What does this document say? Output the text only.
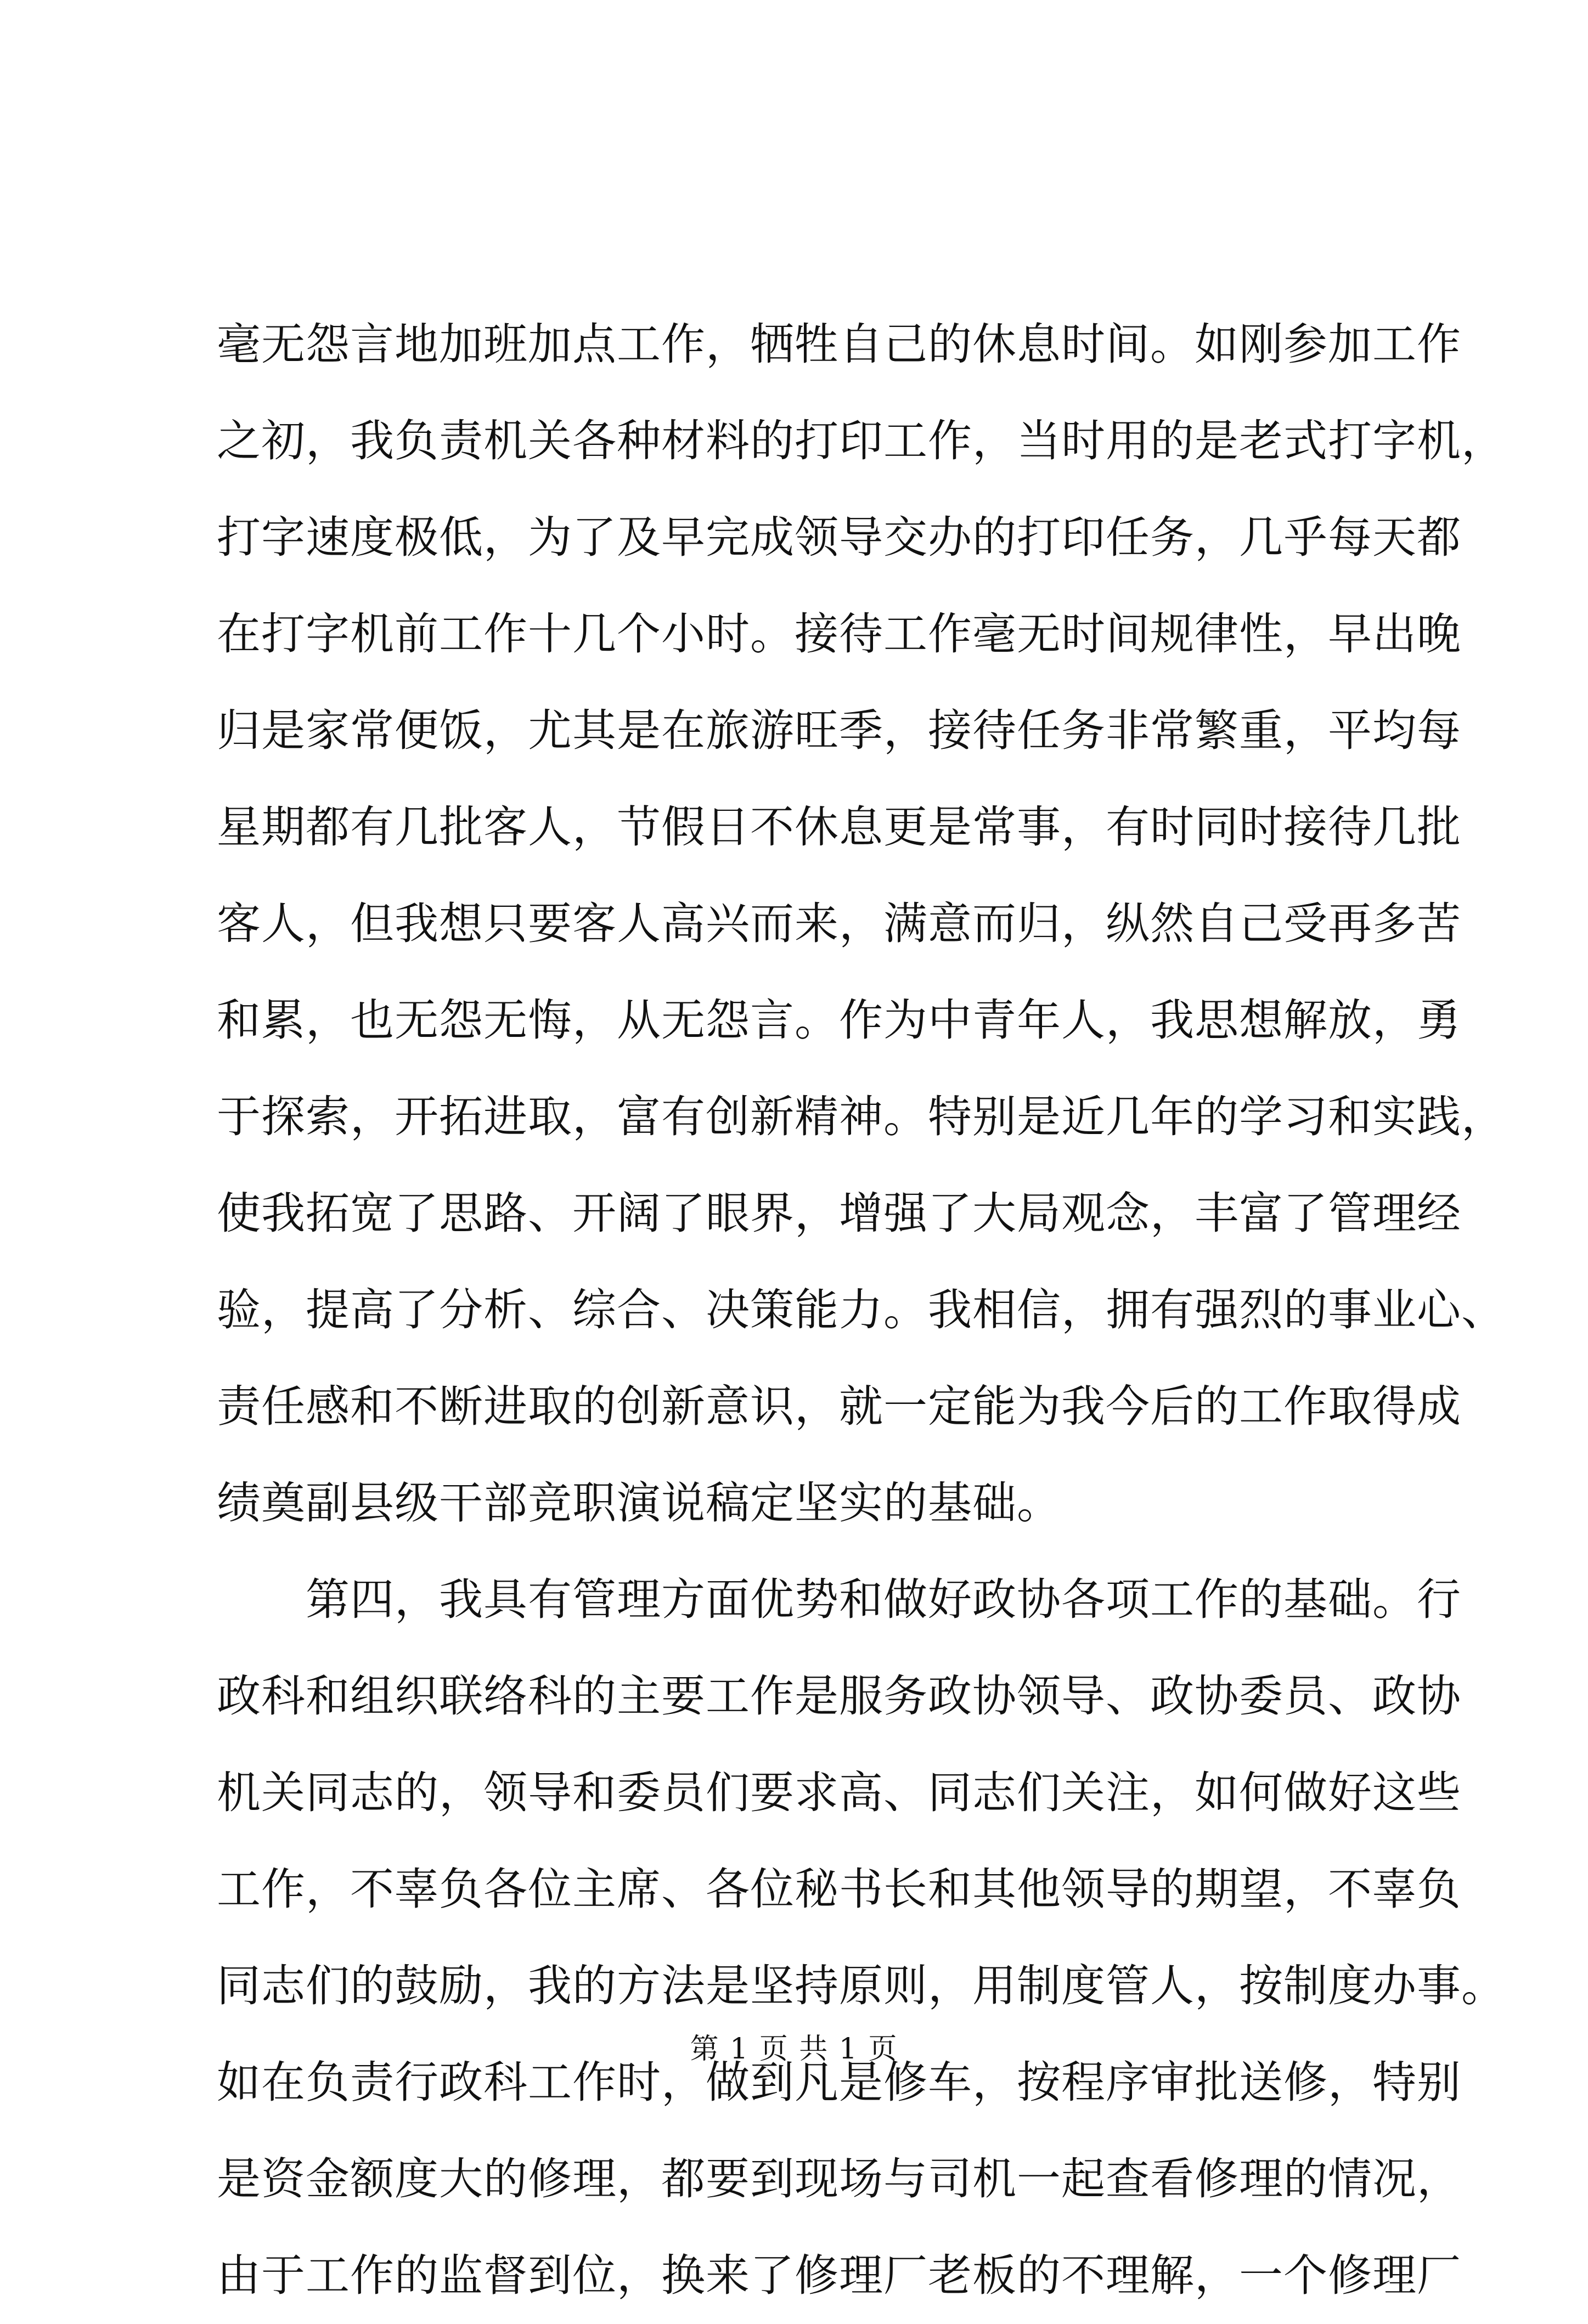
毫无怨言地加班加点工作，牺牲自己的休息时间。如刚参加工作
之初，我负责机关各种材料的打印工作，当时用的是老式打字机，
打字速度极低，为了及早完成领导交办的打印任务，几乎每天都
在打字机前工作十几个小时。接待工作毫无时间规律性，早出晚
归是家常便饭，尤其是在旅游旺季，接待任务非常繁重，平均每
星期都有几批客人，节假日不休息更是常事，有时同时接待几批
客人，但我想只要客人高兴而来，满意而归，纵然自己受再多苦
和累，也无怨无悔，从无怨言。作为中青年人，我思想解放，勇
于探索，开拓进取，富有创新精神。特别是近几年的学习和实践，
使我拓宽了思路、开阔了眼界，增强了大局观念，丰富了管理经
验，提高了分析、综合、决策能力。我相信，拥有强烈的事业心、
责任感和不断进取的创新意识，就一定能为我今后的工作取得成
绩奠副县级干部竞职演说稿定坚实的基础。
　　第四，我具有管理方面优势和做好政协各项工作的基础。行
政科和组织联络科的主要工作是服务政协领导、政协委员、政协
机关同志的，领导和委员们要求高、同志们关注，如何做好这些
工作，不辜负各位主席、各位秘书长和其他领导的期望，不辜负
同志们的鼓励，我的方法是坚持原则，用制度管人，按制度办事。
如在负责行政科工作时，做到凡是修车，按程序审批送修，特别
是资金额度大的修理，都要到现场与司机一起查看修理的情况，
由于工作的监督到位，换来了修理厂老板的不理解，一个修理厂
第 1 页 共 1 页
